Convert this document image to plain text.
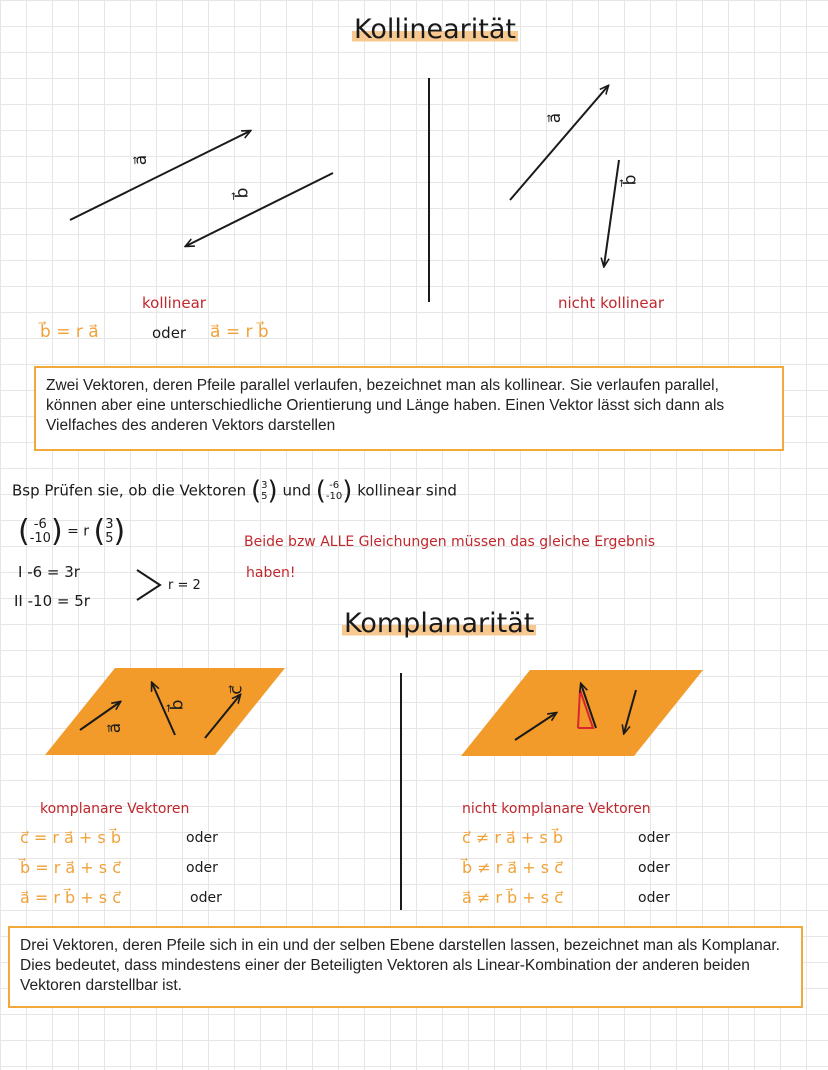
Kollinearität
Komplanarität
a⃗
b⃗
a⃗
b⃗
kollinear	nicht kollinear
b⃗ = r a⃗	oder a⃗ = r b⃗
Zwei Vektoren, deren Pfeile parallel verlaufen, bezeichnet man als kollinear. Sie verlaufen parallel, können aber eine unterschiedliche Orientierung und Länge haben. Einen Vektor lässt sich dann als Vielfaches des anderen Vektors darstellen
Bsp Prüfen sie, ob die Vektoren (3
5) und ( -6
-10) kollinear sind
( -6
-10) = r (3
5)
I -6 = 3r
II -10 = 5r
r = 2
Beide bzw ALLE Gleichungen müssen das gleiche Ergebnis
haben!
a⃗
b⃗
c⃗
komplanare Vektoren	nicht komplanare Vektoren
c⃗ = r a⃗ + s b⃗
b⃗ = r a⃗ + s c⃗
a⃗ = r b⃗ + s c⃗
oder
oder
oder
c⃗ ≠ r a⃗ + s b⃗
b⃗ ≠ r a⃗ + s c⃗
a⃗ ≠ r b⃗ + s c⃗
oder
oder
oder
Drei Vektoren, deren Pfeile sich in ein und der selben Ebene darstellen lassen, bezeichnet man als Komplanar. Dies bedeutet, dass mindestens einer der Beteiligten Vektoren als Linear-Kombination der anderen beiden Vektoren darstellbar ist.
